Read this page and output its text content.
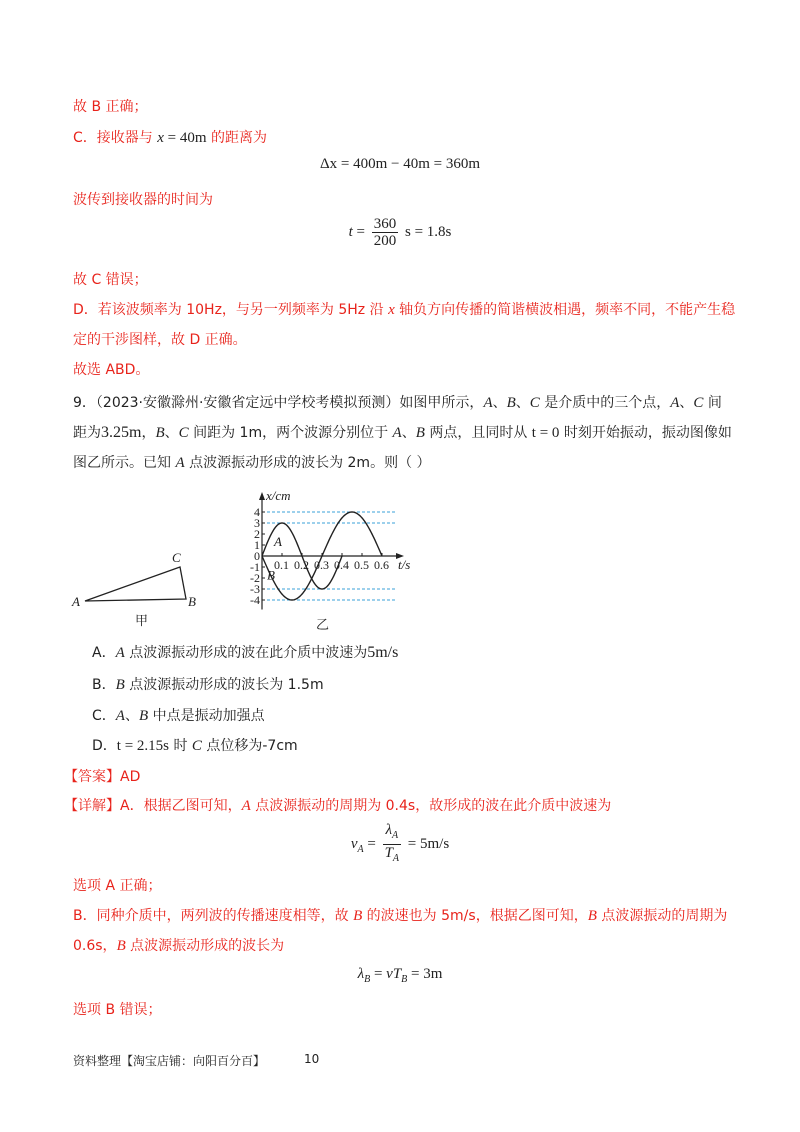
故 B 正确；
C．接收器与 x = 40m 的距离为
Δx = 400m − 40m = 360m
波传到接收器的时间为
$t = \frac{360}{200}$ s = 1.8s
故 C 错误；
D．若该波频率为 10Hz，与另一列频率为 5Hz 沿 x 轴负方向传播的简谐横波相遇，频率不同，不能产生稳
定的干涉图样，故 D 正确。
故选 ABD。
9．（2023·安徽滁州·安徽省定远中学校考模拟预测）如图甲所示，A、B、C 是介质中的三个点，A、C 间
距为3.25m，B、C 间距为 1m，两个波源分别位于 A、B 两点，且同时从 t = 0 时刻开始振动，振动图像如
图乙所示。已知 A 点波源振动形成的波长为 2m。则（ ）
A	B
C
甲
0.1 0.2 0.3 0.4 0.5 0.6
4
3
2
1
0
-1
-2
-3
-4
x/cm
t/s
A
B
乙
A．A 点波源振动形成的波在此介质中波速为5m/s
B．B 点波源振动形成的波长为 1.5m
C．A、B 中点是振动加强点
D．t = 2.15s 时 C 点位移为-7cm
【答案】AD
【详解】A．根据乙图可知，A 点波源振动的周期为 0.4s，故形成的波在此介质中波速为
$v_A = \frac{\lambda_A}{T_A} = 5m/s$
选项 A 正确；
B．同种介质中，两列波的传播速度相等，故 B 的波速也为 5m/s，根据乙图可知，B 点波源振动的周期为
0.6s，B 点波源振动形成的波长为
$\lambda_B = vT_B = 3m$
选项 B 错误；
资料整理【淘宝店铺：向阳百分百】	10
